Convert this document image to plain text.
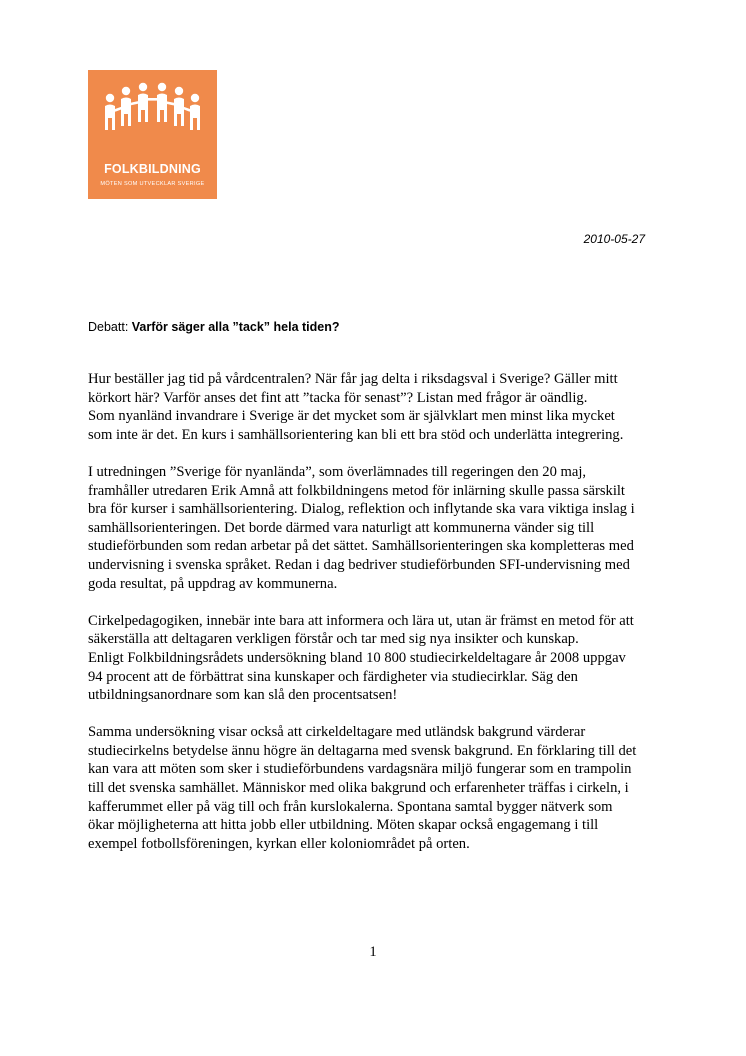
FOLKBILDNING
MÖTEN SOM UTVECKLAR SVERIGE
2010-05-27
Debatt: Varför säger alla ”tack” hela tiden?

Hur beställer jag tid på vårdcentralen? När får jag delta i riksdagsval i Sverige? Gäller mitt
körkort här? Varför anses det fint att ”tacka för senast”? Listan med frågor är oändlig.
Som nyanländ invandrare i Sverige är det mycket som är självklart men minst lika mycket
som inte är det. En kurs i samhällsorientering kan bli ett bra stöd och underlätta integrering.

I utredningen ”Sverige för nyanlända”, som överlämnades till regeringen den 20 maj,
framhåller utredaren Erik Amnå att folkbildningens metod för inlärning skulle passa särskilt
bra för kurser i samhällsorientering. Dialog, reflektion och inflytande ska vara viktiga inslag i
samhällsorienteringen. Det borde därmed vara naturligt att kommunerna vänder sig till
studieförbunden som redan arbetar på det sättet. Samhällsorienteringen ska kompletteras med
undervisning i svenska språket. Redan i dag bedriver studieförbunden SFI-undervisning med
goda resultat, på uppdrag av kommunerna.

Cirkelpedagogiken, innebär inte bara att informera och lära ut, utan är främst en metod för att
säkerställa att deltagaren verkligen förstår och tar med sig nya insikter och kunskap.
Enligt Folkbildningsrådets undersökning bland 10 800 studiecirkeldeltagare år 2008 uppgav
94 procent att de förbättrat sina kunskaper och färdigheter via studiecirklar. Säg den
utbildningsanordnare som kan slå den procentsatsen!

Samma undersökning visar också att cirkeldeltagare med utländsk bakgrund värderar
studiecirkelns betydelse ännu högre än deltagarna med svensk bakgrund. En förklaring till det
kan vara att möten som sker i studieförbundens vardagsnära miljö fungerar som en trampolin
till det svenska samhället. Människor med olika bakgrund och erfarenheter träffas i cirkeln, i
kafferummet eller på väg till och från kurslokalerna. Spontana samtal bygger nätverk som
ökar möjligheterna att hitta jobb eller utbildning. Möten skapar också engagemang i till
exempel fotbollsföreningen, kyrkan eller koloniområdet på orten.

1
